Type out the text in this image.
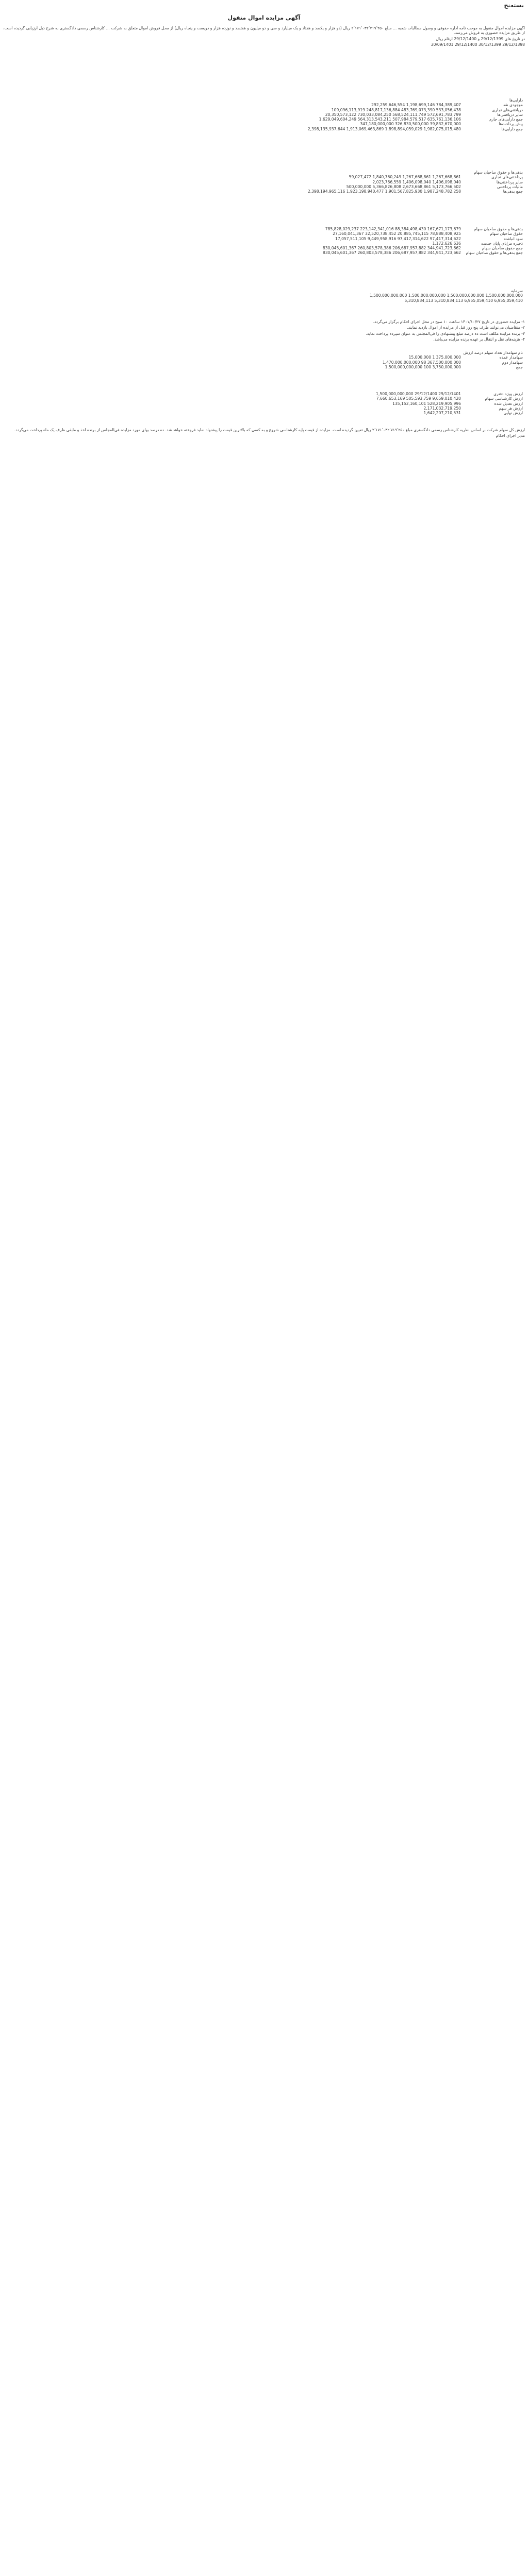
بسته‌نخ
آگهی مزایده اموال منقول

آگهی مزایده اموال منقول به موجب نامه اداره حقوقی و وصول مطالبات شعبه ... مبلغ ۲٬۱۷۱٬۰۳۲٬۷۱۹٬۲۵۰ ریال (دو هزار و یکصد و هفتاد و یک میلیارد و سی و دو میلیون و هفتصد و نوزده هزار و دویست و پنجاه ریال) از محل فروش اموال متعلق به شرکت ... کارشناس رسمی دادگستری به شرح ذیل ارزیابی گردیده است، از طریق مزایده حضوری به فروش می‌رسد.

در تاریخ های 29/12/1399 و 29/12/1400 ارقام ریال

29/12/1398 30/12/1399 29/12/1400 30/09/1401

دارایی‌ها
موجودی نقد292,259,646,554 1,198,699,146 784,389,407
دریافتنی‌های تجاری109,096,113,919 248,817,136,884 483,769,073,390 533,056,438
سایر دریافتنی‌ها20,350,573,122 730,033,084,250 568,524,111,749 572,691,783,799
جمع دارایی‌های جاری1,629,049,604,249 564,313,543,211 507,984,579,517 635,761,136,106
پیش پرداخت‌ها347,180,000,000 326,830,500,000 39,832,670,000
جمع دارایی‌ها2,398,135,937,644 1,913,069,463,869 1,898,894,059,029 1,982,075,015,480
بدهی‌ها و حقوق صاحبان سهام
پرداختنی‌های تجاری59,027,472 1,840,760,249 1,267,668,861 1,267,668,861
سایر پرداختنی‌ها2,023,766,559 1,406,098,040 1,406,098,040
مالیات پرداختنی500,000,000 5,366,826,808 2,673,668,861 5,173,766,502
جمع بدهی‌ها2,398,194,965,116 1,923,198,940,477 1,901,567,825,930 1,987,248,782,258
بدهی‌ها و حقوق صاحبان سهام785,828,029,237 223,142,341,016 88,384,498,430 167,671,173,679
حقوق صاحبان سهام27,160,041,367 32,520,738,452 20,885,745,115 78,888,408,925
سود انباشته17,057,511,105 9,449,958,916 97,417,314,622 97,417,314,622
ذخیره مزایای پایان خدمت1,172,626,636
جمع حقوق صاحبان سهام830,045,601,367 260,803,578,386 206,687,957,882 344,941,723,662
جمع بدهی‌ها و حقوق صاحبان سهام830,045,601,367 260,803,578,386 206,687,957,882 344,941,723,662
سرمایه
1,500,000,000,000 1,500,000,000,000 1,500,000,000,000 1,500,000,000,000
5,310,834,113 5,310,834,113 6,955,059,410 6,955,059,410

۱- مزایده حضوری در تاریخ ۱۴۰۱/۱۰/۲۷ ساعت ۱۰ صبح در محل اجرای احکام برگزار می‌گردد.

۲- متقاضیان می‌توانند ظرف پنج روز قبل از مزایده از اموال بازدید نمایند.

۳- برنده مزایده مکلف است ده درصد مبلغ پیشنهادی را فی‌المجلس به عنوان سپرده پرداخت نماید.

۴- هزینه‌های نقل و انتقال بر عهده برنده مزایده می‌باشد.

نام سهامدار تعداد سهام درصد ارزش
سهامدار عمده15,000,000 1 375,000,000
سهامدار دوم1,470,000,000,000 98 367,500,000,000
جمع1,500,000,000,000 100 3,750,000,000
ارزش ویژه دفتری1,500,000,000,000 29/12/1400 29/12/1401
ارزش کارشناسی سهام7,660,653,169 505,593,759 9,659,010,420
ارزش تعدیل شده135,152,160,101 528,219,905,996
ارزش هر سهم2,171,032,719,250
ارزش نهایی1,642,207,210,531

ارزش کل سهام شرکت بر اساس نظریه کارشناس رسمی دادگستری مبلغ ۲٬۱۷۱٬۰۳۲٬۷۱۹٬۲۵۰ ریال تعیین گردیده است. مزایده از قیمت پایه کارشناسی شروع و به کسی که بالاترین قیمت را پیشنهاد نماید فروخته خواهد شد. ده درصد بهای مورد مزایده فی‌المجلس از برنده اخذ و مابقی ظرف یک ماه پرداخت می‌گردد.

مدیر اجرای احکام
